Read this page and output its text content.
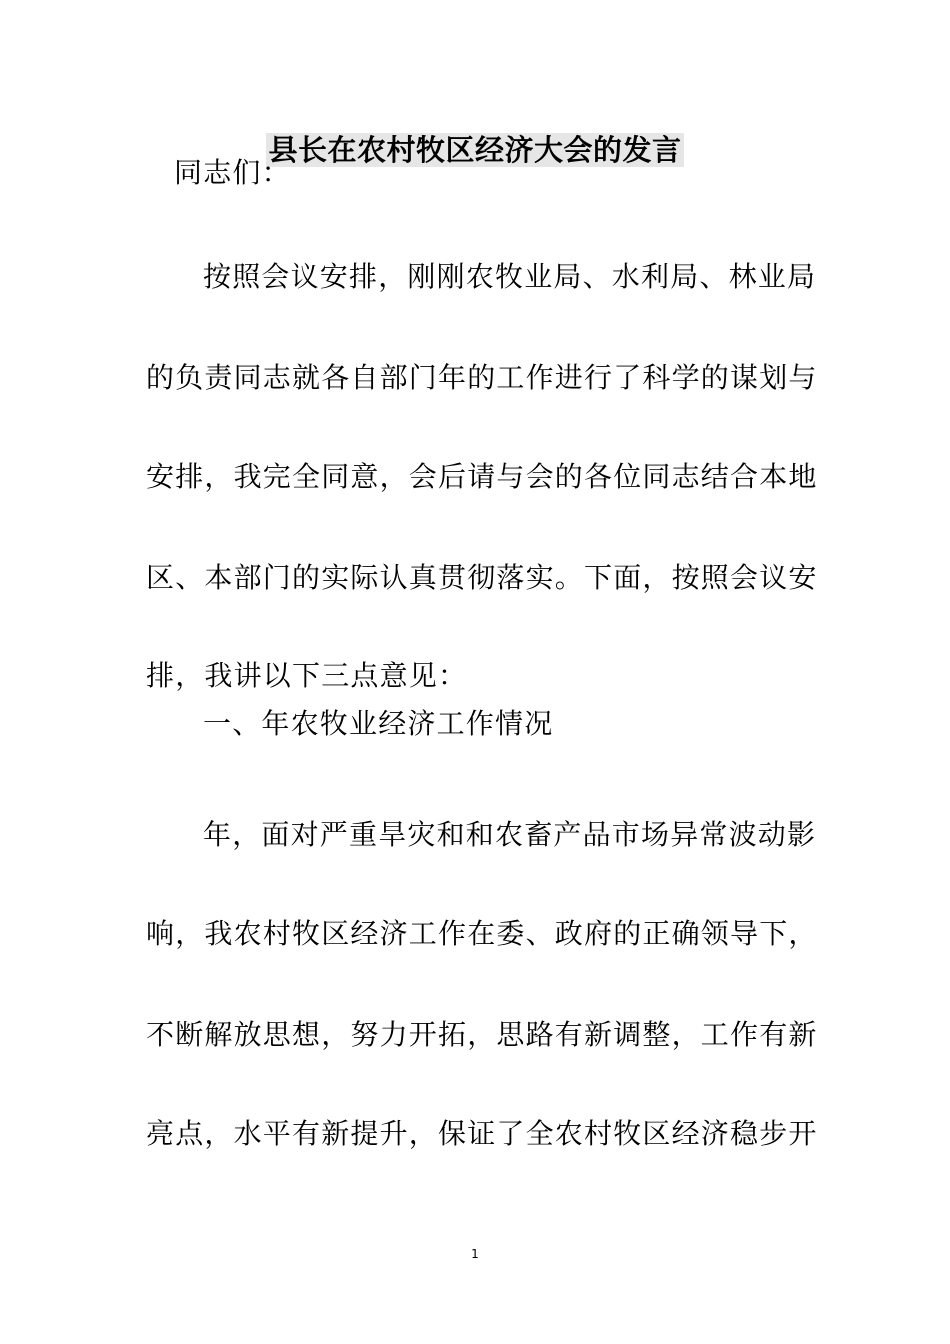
县长在农村牧区经济大会的发言
同志们：
按照会议安排，刚刚农牧业局、水利局、林业局
的负责同志就各自部门年的工作进行了科学的谋划与
安排，我完全同意，会后请与会的各位同志结合本地
区、本部门的实际认真贯彻落实。下面，按照会议安
排，我讲以下三点意见：
一、年农牧业经济工作情况
年，面对严重旱灾和和农畜产品市场异常波动影
响，我农村牧区经济工作在委、政府的正确领导下，
不断解放思想，努力开拓，思路有新调整，工作有新
亮点，水平有新提升，保证了全农村牧区经济稳步开
1
